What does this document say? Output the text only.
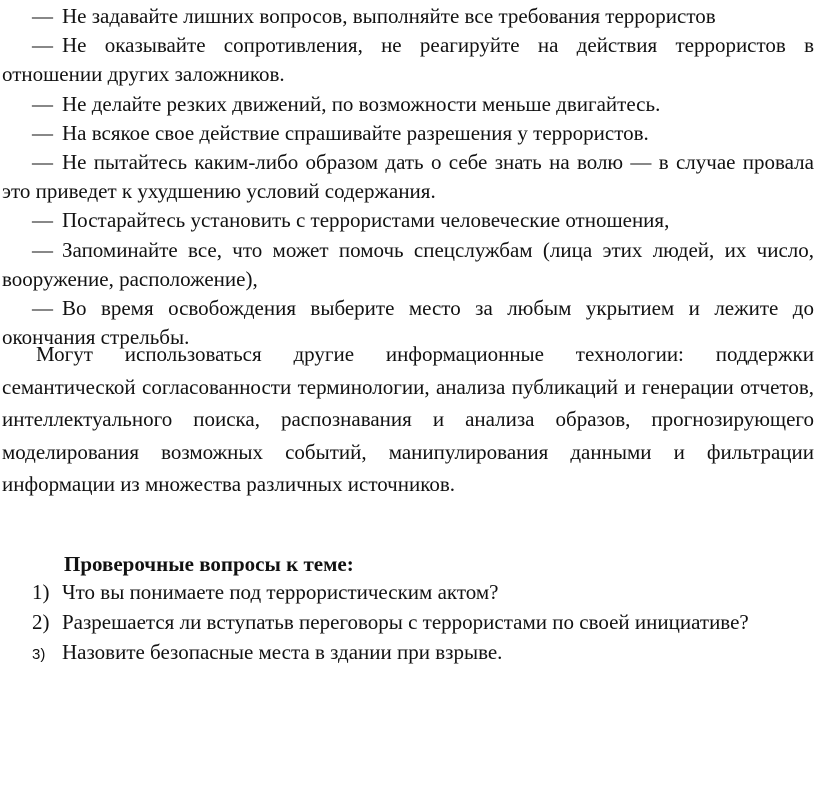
— Не задавайте лишних вопросов, выполняйте все требования террористов

— Не оказывайте сопротивления, не реагируйте на действия террористов в отношении других заложников.

— Не делайте резких движений, по возможности меньше двигайтесь.

— На всякое свое действие спрашивайте разрешения у террористов.

— Не пытайтесь каким-либо образом дать о себе знать на волю — в случае провала это приведет к ухудшению условий содержания.

— Постарайтесь установить с террористами человеческие отношения,

— Запоминайте все, что может помочь спецслужбам (лица этих людей, их число, вооружение, расположение),

— Во время освобождения выберите место за любым укрытием и лежите до окончания стрельбы.

Могут использоваться другие информационные технологии: поддержки семантической согласованности терминологии, анализа публикаций и генерации отчетов, интеллектуального поиска, распознавания и анализа образов, прогнозирующего моделирования возможных событий, манипулирования данными и фильтрации информации из множества различных источников.

Проверочные вопросы к теме:

1) Что вы понимаете под террористическим актом?
2) Разрешается ли вступатьв переговоры с террористами по своей инициативе?
3) Назовите безопасные места в здании при взрыве.
